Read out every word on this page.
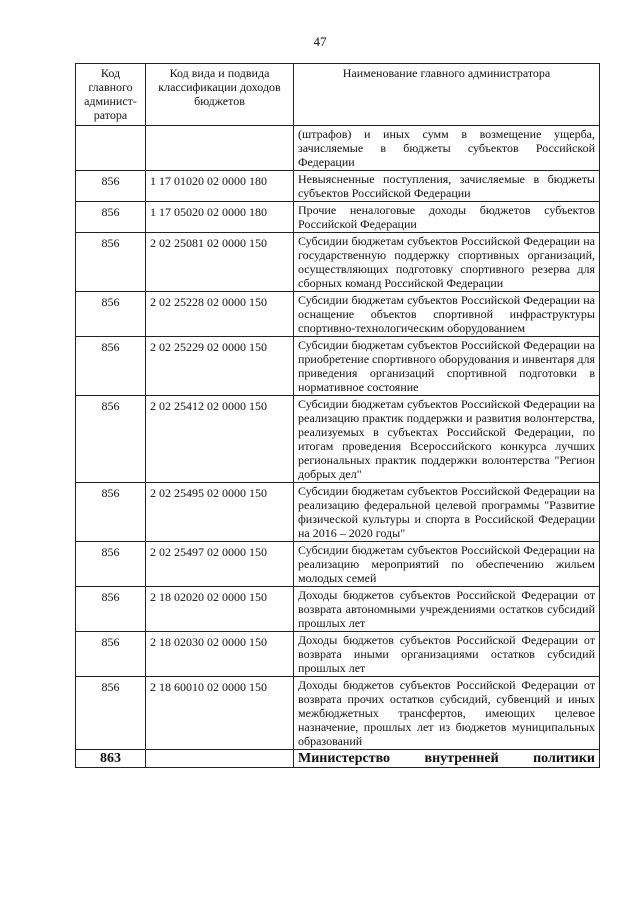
47
Код главного админист-ратора	Код вида и подвида классификации доходов бюджетов	Наименование главного администратора
		(штрафов) и иных сумм в возмещение ущерба, зачисляемые в бюджеты субъектов Российской Федерации
856	1 17 01020 02 0000 180	Невыясненные поступления, зачисляемые в бюджеты субъектов Российской Федерации
856	1 17 05020 02 0000 180	Прочие неналоговые доходы бюджетов субъектов Российской Федерации
856	2 02 25081 02 0000 150	Субсидии бюджетам субъектов Российской Федерации на государственную поддержку спортивных организаций, осуществляющих подготовку спортивного резерва для сборных команд Российской Федерации
856	2 02 25228 02 0000 150	Субсидии бюджетам субъектов Российской Федерации на оснащение объектов спортивной инфраструктуры спортивно-технологическим оборудованием
856	2 02 25229 02 0000 150	Субсидии бюджетам субъектов Российской Федерации на приобретение спортивного оборудования и инвентаря для приведения организаций спортивной подготовки в нормативное состояние
856	2 02 25412 02 0000 150	Субсидии бюджетам субъектов Российской Федерации на реализацию практик поддержки и развития волонтерства, реализуемых в субъектах Российской Федерации, по итогам проведения Всероссийского конкурса лучших региональных практик поддержки волонтерства "Регион добрых дел"
856	2 02 25495 02 0000 150	Субсидии бюджетам субъектов Российской Федерации на реализацию федеральной целевой программы "Развитие физической культуры и спорта в Российской Федерации на 2016 – 2020 годы"
856	2 02 25497 02 0000 150	Субсидии бюджетам субъектов Российской Федерации на реализацию мероприятий по обеспечению жильем молодых семей
856	2 18 02020 02 0000 150	Доходы бюджетов субъектов Российской Федерации от возврата автономными учреждениями остатков субсидий прошлых лет
856	2 18 02030 02 0000 150	Доходы бюджетов субъектов Российской Федерации от возврата иными организациями остатков субсидий прошлых лет
856	2 18 60010 02 0000 150	Доходы бюджетов субъектов Российской Федерации от возврата прочих остатков субсидий, субвенций и иных межбюджетных трансфертов, имеющих целевое назначение, прошлых лет из бюджетов муниципальных образований
863		Министерство внутренней политики
